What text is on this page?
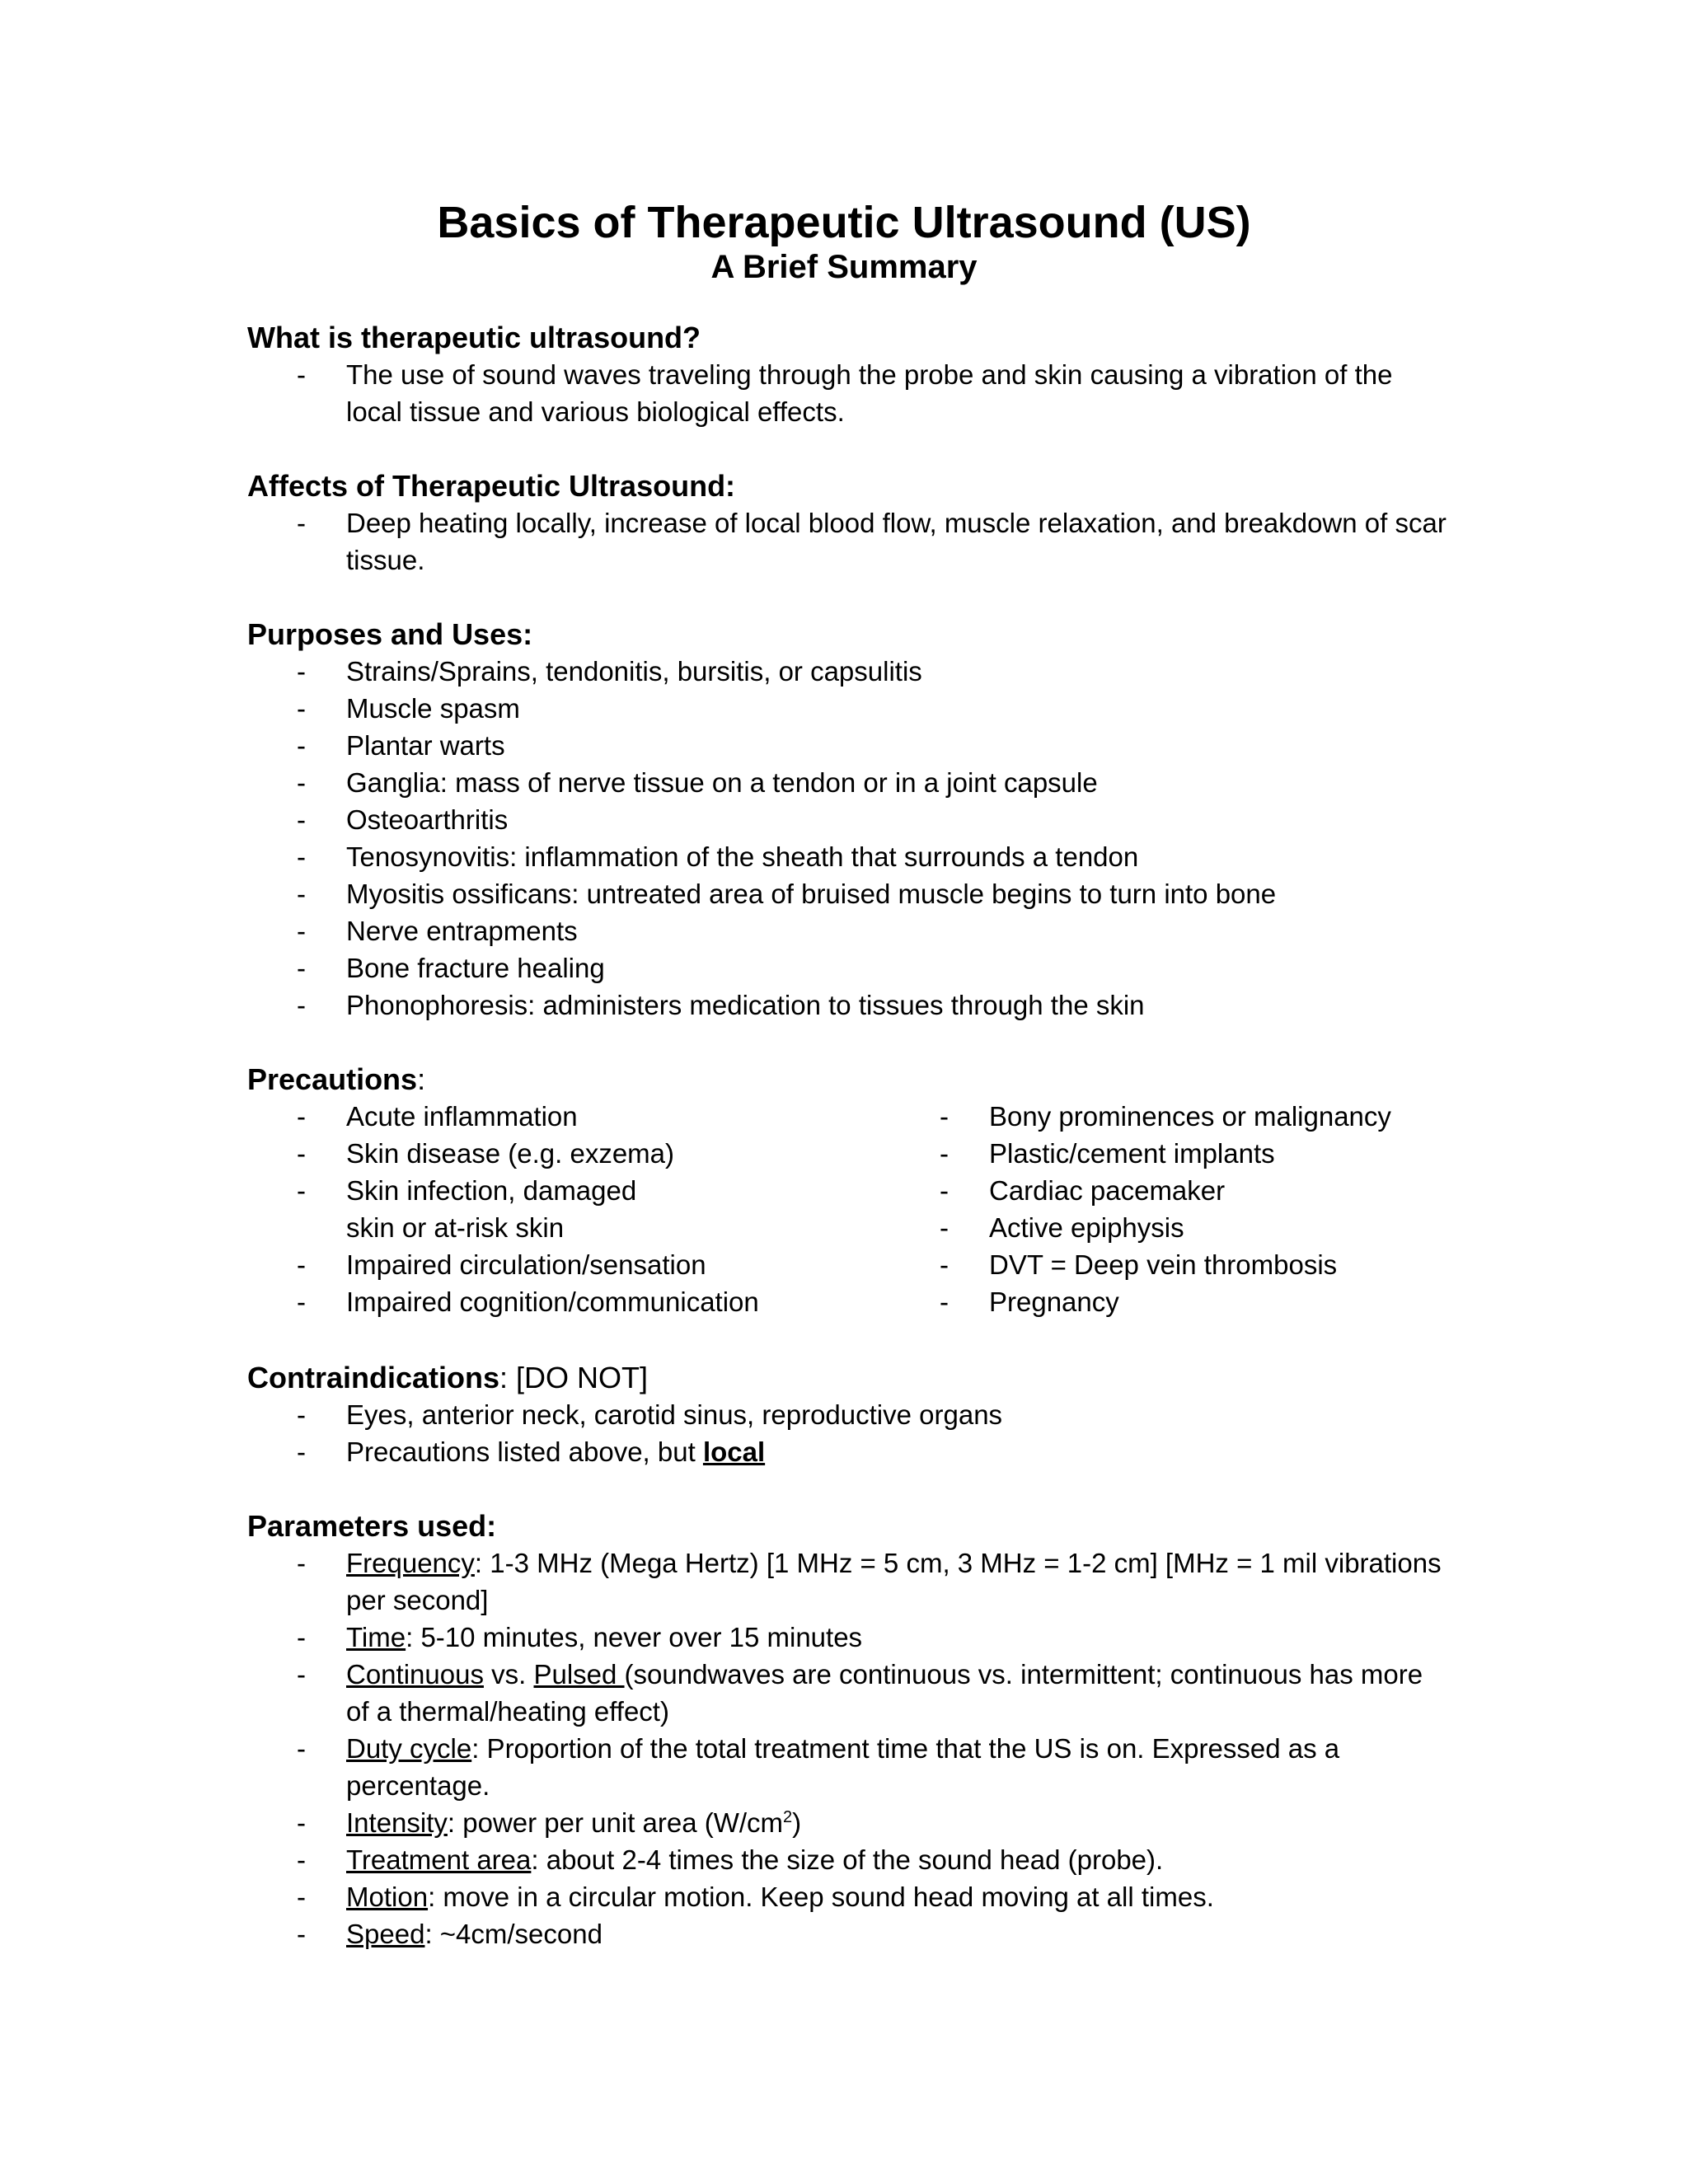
Basics of Therapeutic Ultrasound (US)
A Brief Summary

What is therapeutic ultrasound?

- The use of sound waves traveling through the probe and skin causing a vibration of the local tissue and various biological effects.

Affects of Therapeutic Ultrasound:

- Deep heating locally, increase of local blood flow, muscle relaxation, and breakdown of scar tissue.

Purposes and Uses:

- Strains/Sprains, tendonitis, bursitis, or capsulitis
- Muscle spasm
- Plantar warts
- Ganglia: mass of nerve tissue on a tendon or in a joint capsule
- Osteoarthritis
- Tenosynovitis: inflammation of the sheath that surrounds a tendon
- Myositis ossificans: untreated area of bruised muscle begins to turn into bone
- Nerve entrapments
- Bone fracture healing
- Phonophoresis: administers medication to tissues through the skin

Precautions:

- Acute inflammation
- Skin disease (e.g. exzema)
- Skin infection, damaged skin or at-risk skin
- Impaired circulation/sensation
- Impaired cognition/communication
- Bony prominences or malignancy
- Plastic/cement implants
- Cardiac pacemaker
- Active epiphysis
- DVT = Deep vein thrombosis
- Pregnancy

Contraindications: [DO NOT]

- Eyes, anterior neck, carotid sinus, reproductive organs
- Precautions listed above, but local

Parameters used:

- Frequency: 1-3 MHz (Mega Hertz) [1 MHz = 5 cm, 3 MHz = 1-2 cm] [MHz = 1 mil vibrations per second]
- Time: 5-10 minutes, never over 15 minutes
- Continuous vs. Pulsed (soundwaves are continuous vs. intermittent; continuous has more of a thermal/heating effect)
- Duty cycle: Proportion of the total treatment time that the US is on. Expressed as a percentage.
- Intensity: power per unit area $(W/cm^2)$
- Treatment area: about 2-4 times the size of the sound head (probe).
- Motion: move in a circular motion. Keep sound head moving at all times.
- Speed: ~4cm/second
